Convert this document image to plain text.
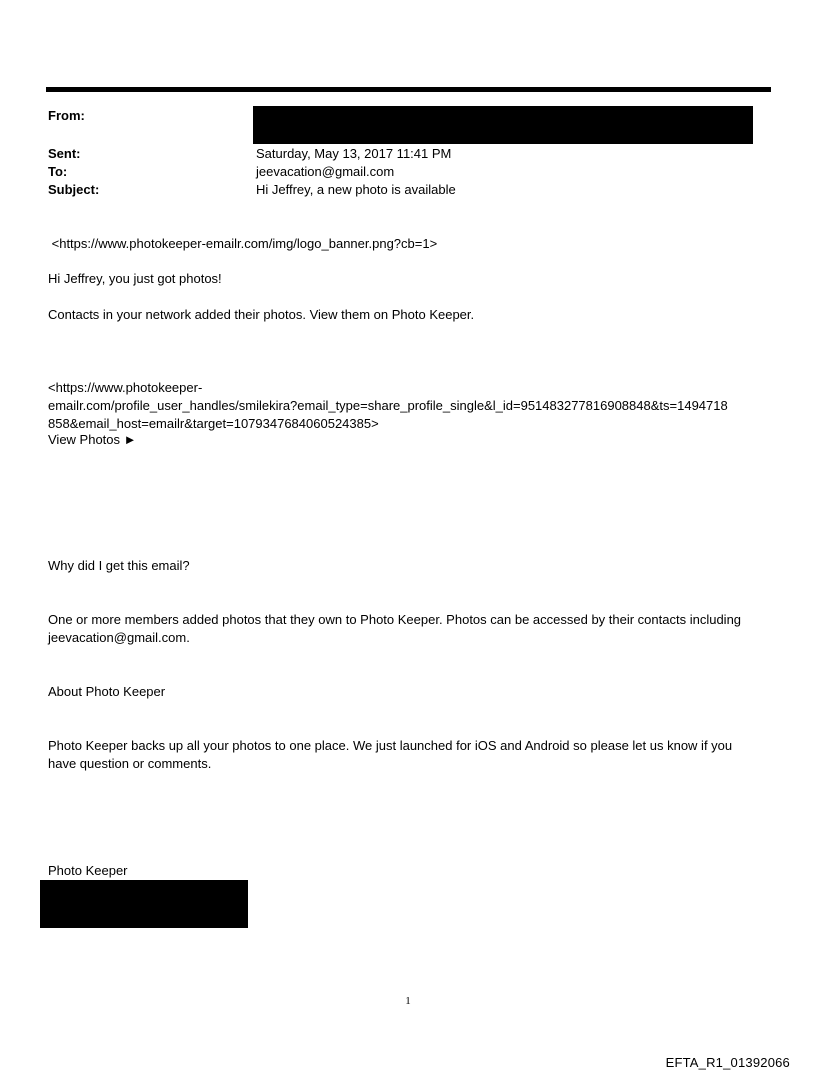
From:
Sent:	Saturday, May 13, 2017 11:41 PM
To:	jeevacation@gmail.com
Subject:	Hi Jeffrey, a new photo is available
<https://www.photokeeper-emailr.com/img/logo_banner.png?cb=1>
Hi Jeffrey, you just got photos!
Contacts in your network added their photos. View them on Photo Keeper.
<https://www.photokeeper-
emailr.com/profile_user_handles/smilekira?email_type=share_profile_single&l_id=951483277816908848&ts=1494718
858&email_host=emailr&target=1079347684060524385>
View Photos ►
Why did I get this email?
One or more members added photos that they own to Photo Keeper. Photos can be accessed by their contacts including
jeevacation@gmail.com.
About Photo Keeper
Photo Keeper backs up all your photos to one place. We just launched for iOS and Android so please let us know if you
have question or comments.
Photo Keeper
1
EFTA_R1_01392066
